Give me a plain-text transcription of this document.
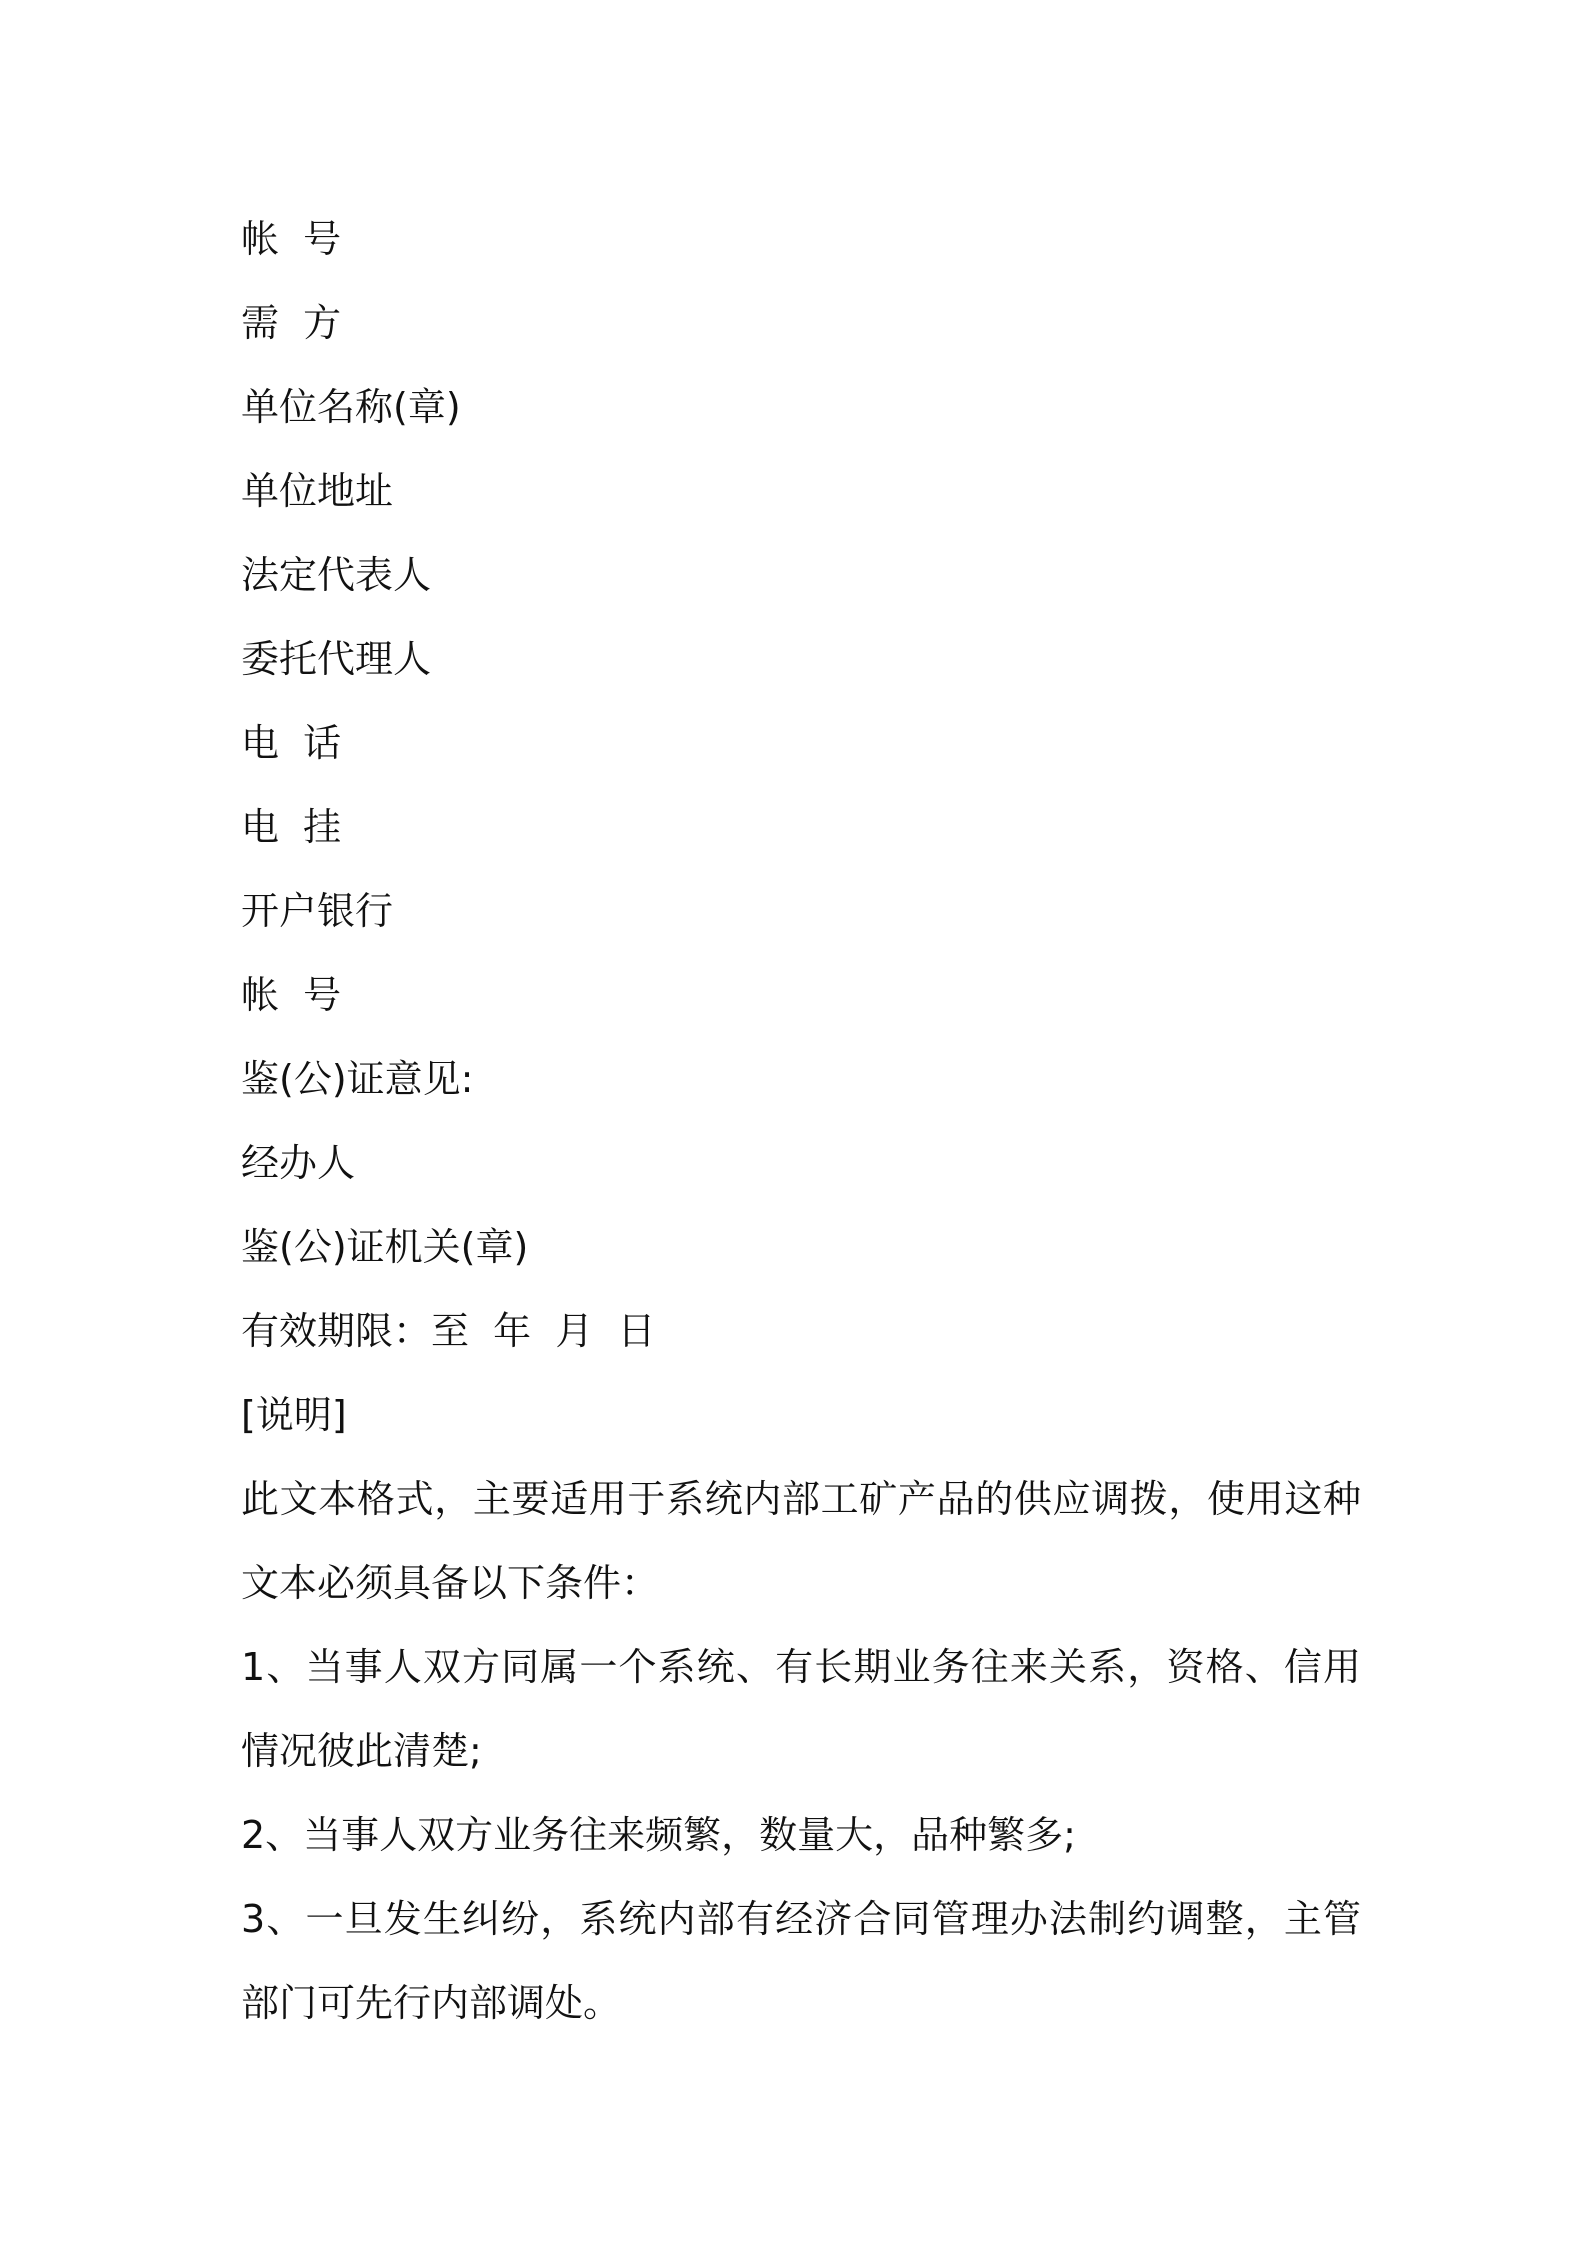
帐  号
需  方
单位名称(章)
单位地址
法定代表人
委托代理人
电  话
电  挂
开户银行
帐  号
鉴(公)证意见:
经办人
鉴(公)证机关(章)
有效期限：至  年  月  日
[说明]
此文本格式，主要适用于系统内部工矿产品的供应调拨，使用这种文本必须具备以下条件：
1、当事人双方同属一个系统、有长期业务往来关系，资格、信用情况彼此清楚;
2、当事人双方业务往来频繁，数量大，品种繁多;
3、一旦发生纠纷，系统内部有经济合同管理办法制约调整，主管部门可先行内部调处。
